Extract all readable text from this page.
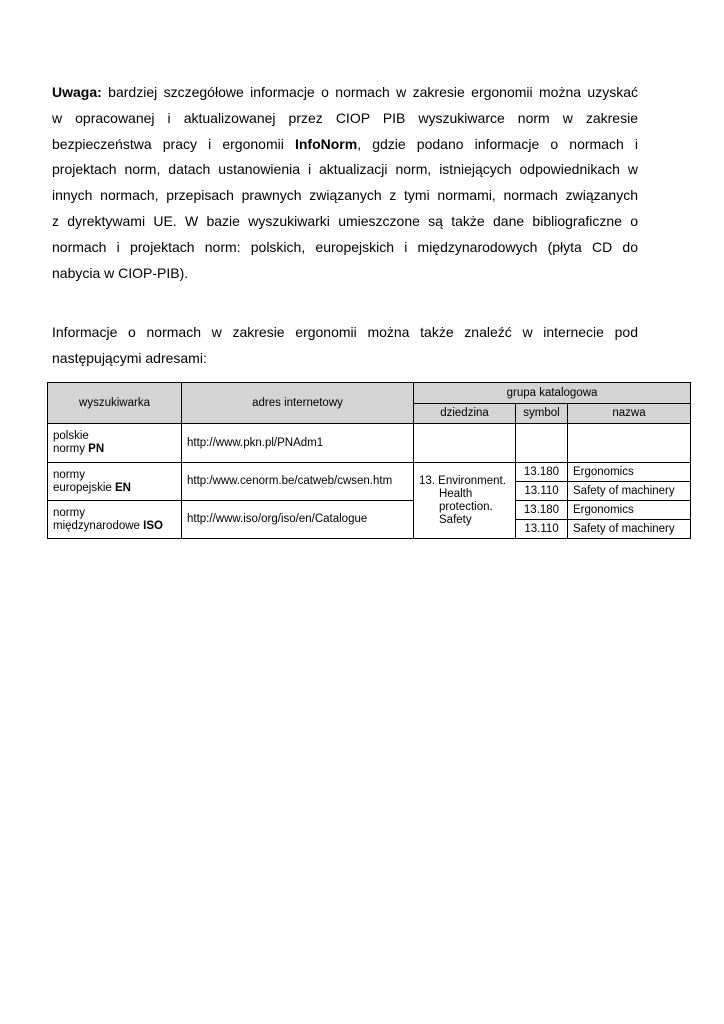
Uwaga: bardziej szczegółowe informacje o normach w zakresie ergonomii można uzyskać
w opracowanej i aktualizowanej przez CIOP PIB wyszukiwarce norm w zakresie
bezpieczeństwa pracy i ergonomii InfoNorm, gdzie podano informacje o normach i
projektach norm, datach ustanowienia i aktualizacji norm, istniejących odpowiednikach w
innych normach, przepisach prawnych związanych z tymi normami, normach związanych
z dyrektywami UE. W bazie wyszukiwarki umieszczone są także dane bibliograficzne o
normach i projektach norm: polskich, europejskich i międzynarodowych (płyta CD do
nabycia w CIOP-PIB).
Informacje o normach w zakresie ergonomii można także znaleźć w internecie pod
następującymi adresami:
wyszukiwarka	adres internetowy	grupa katalogowa		
		dziedzina	symbol	nazwa
polskie
normy PN	http://www.pkn.pl/PNAdm1			
normy
europejskie EN	http:/www.cenorm.be/catweb/cwsen.htm	13. Environment.
Health
protection.
Safety	13.180	Ergonomics
			13.110	Safety of machinery
normy
międzynarodowe ISO	http://www.iso/org/iso/en/Catalogue		13.180	Ergonomics
			13.110	Safety of machinery
